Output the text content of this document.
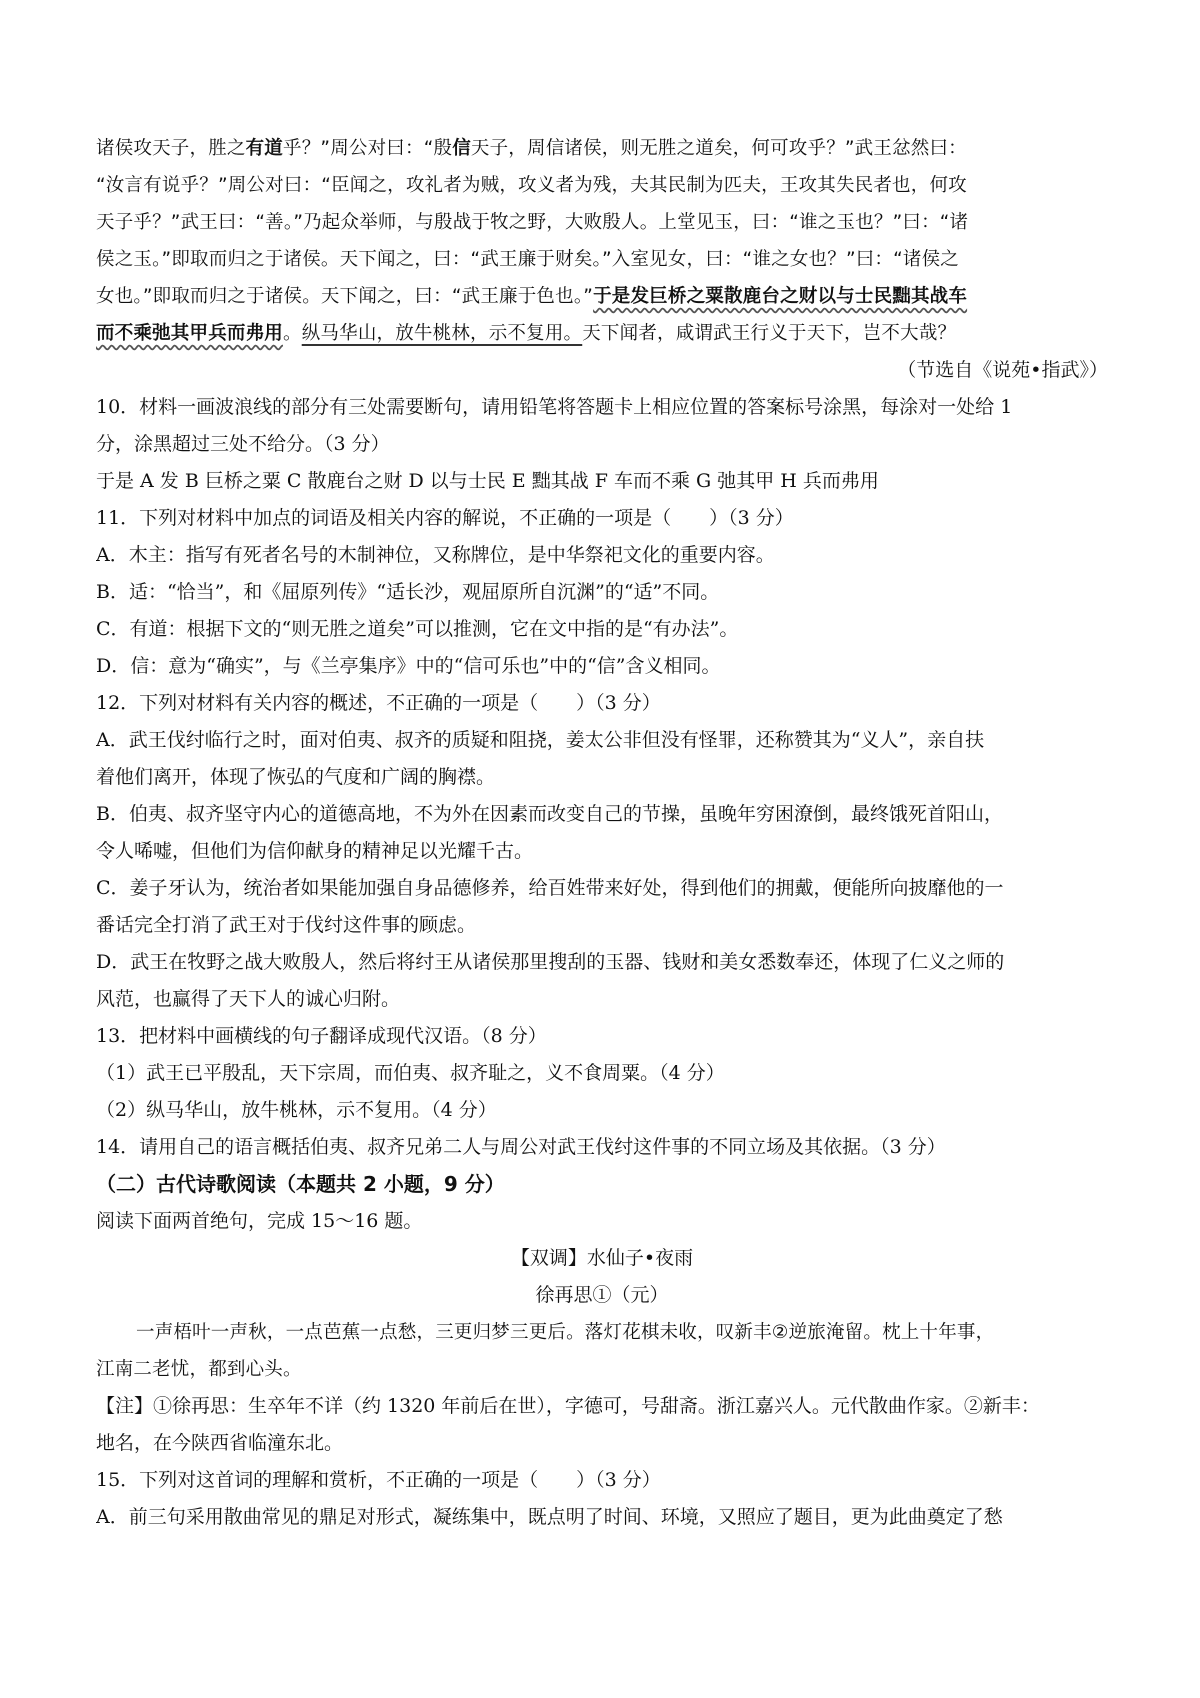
诸侯攻天子，胜之有道乎？”周公对曰：“殷信天子，周信诸侯，则无胜之道矣，何可攻乎？”武王忿然曰：
“汝言有说乎？”周公对曰：“臣闻之，攻礼者为贼，攻义者为残，夫其民制为匹夫，王攻其失民者也，何攻
天子乎？”武王曰：“善。”乃起众举师，与殷战于牧之野，大败殷人。上堂见玉，曰：“谁之玉也？”曰：“诸
侯之玉。”即取而归之于诸侯。天下闻之，曰：“武王廉于财矣。”入室见女，曰：“谁之女也？”曰：“诸侯之
女也。”即取而归之于诸侯。天下闻之，曰：“武王廉于色也。”于是发巨桥之粟散鹿台之财以与士民黜其战车
而不乘弛其甲兵而弗用。纵马华山，放牛桃林，示不复用。天下闻者，咸谓武王行义于天下，岂不大哉？
（节选自《说苑•指武》）
10．材料一画波浪线的部分有三处需要断句，请用铅笔将答题卡上相应位置的答案标号涂黑，每涂对一处给 1
分，涂黑超过三处不给分。（3 分）
于是 A 发 B 巨桥之粟 C 散鹿台之财 D 以与士民 E 黜其战 F 车而不乘 G 弛其甲 H 兵而弗用
11．下列对材料中加点的词语及相关内容的解说，不正确的一项是（　　）（3 分）
A．木主：指写有死者名号的木制神位，又称牌位，是中华祭祀文化的重要内容。
B．适：“恰当”，和《屈原列传》“适长沙，观屈原所自沉渊”的“适”不同。
C．有道：根据下文的“则无胜之道矣”可以推测，它在文中指的是“有办法”。
D．信：意为“确实”，与《兰亭集序》中的“信可乐也”中的“信”含义相同。
12．下列对材料有关内容的概述，不正确的一项是（　　）（3 分）
A．武王伐纣临行之时，面对伯夷、叔齐的质疑和阻挠，姜太公非但没有怪罪，还称赞其为“义人”，亲自扶
着他们离开，体现了恢弘的气度和广阔的胸襟。
B．伯夷、叔齐坚守内心的道德高地，不为外在因素而改变自己的节操，虽晚年穷困潦倒，最终饿死首阳山，
令人唏嘘，但他们为信仰献身的精神足以光耀千古。
C．姜子牙认为，统治者如果能加强自身品德修养，给百姓带来好处，得到他们的拥戴，便能所向披靡他的一
番话完全打消了武王对于伐纣这件事的顾虑。
D．武王在牧野之战大败殷人，然后将纣王从诸侯那里搜刮的玉器、钱财和美女悉数奉还，体现了仁义之师的
风范，也赢得了天下人的诚心归附。
13．把材料中画横线的句子翻译成现代汉语。（8 分）
（1）武王已平殷乱，天下宗周，而伯夷、叔齐耻之，义不食周粟。（4 分）
（2）纵马华山，放牛桃林，示不复用。（4 分）
14．请用自己的语言概括伯夷、叔齐兄弟二人与周公对武王伐纣这件事的不同立场及其依据。（3 分）
（二）古代诗歌阅读（本题共 2 小题，9 分）
阅读下面两首绝句，完成 15～16 题。
【双调】水仙子•夜雨
徐再思①（元）
一声梧叶一声秋，一点芭蕉一点愁，三更归梦三更后。落灯花棋未收，叹新丰②逆旅淹留。枕上十年事，
江南二老忧，都到心头。
【注】①徐再思：生卒年不详（约 1320 年前后在世），字德可，号甜斋。浙江嘉兴人。元代散曲作家。②新丰：
地名，在今陕西省临潼东北。
15．下列对这首词的理解和赏析，不正确的一项是（　　）（3 分）
A．前三句采用散曲常见的鼎足对形式，凝练集中，既点明了时间、环境，又照应了题目，更为此曲奠定了愁
